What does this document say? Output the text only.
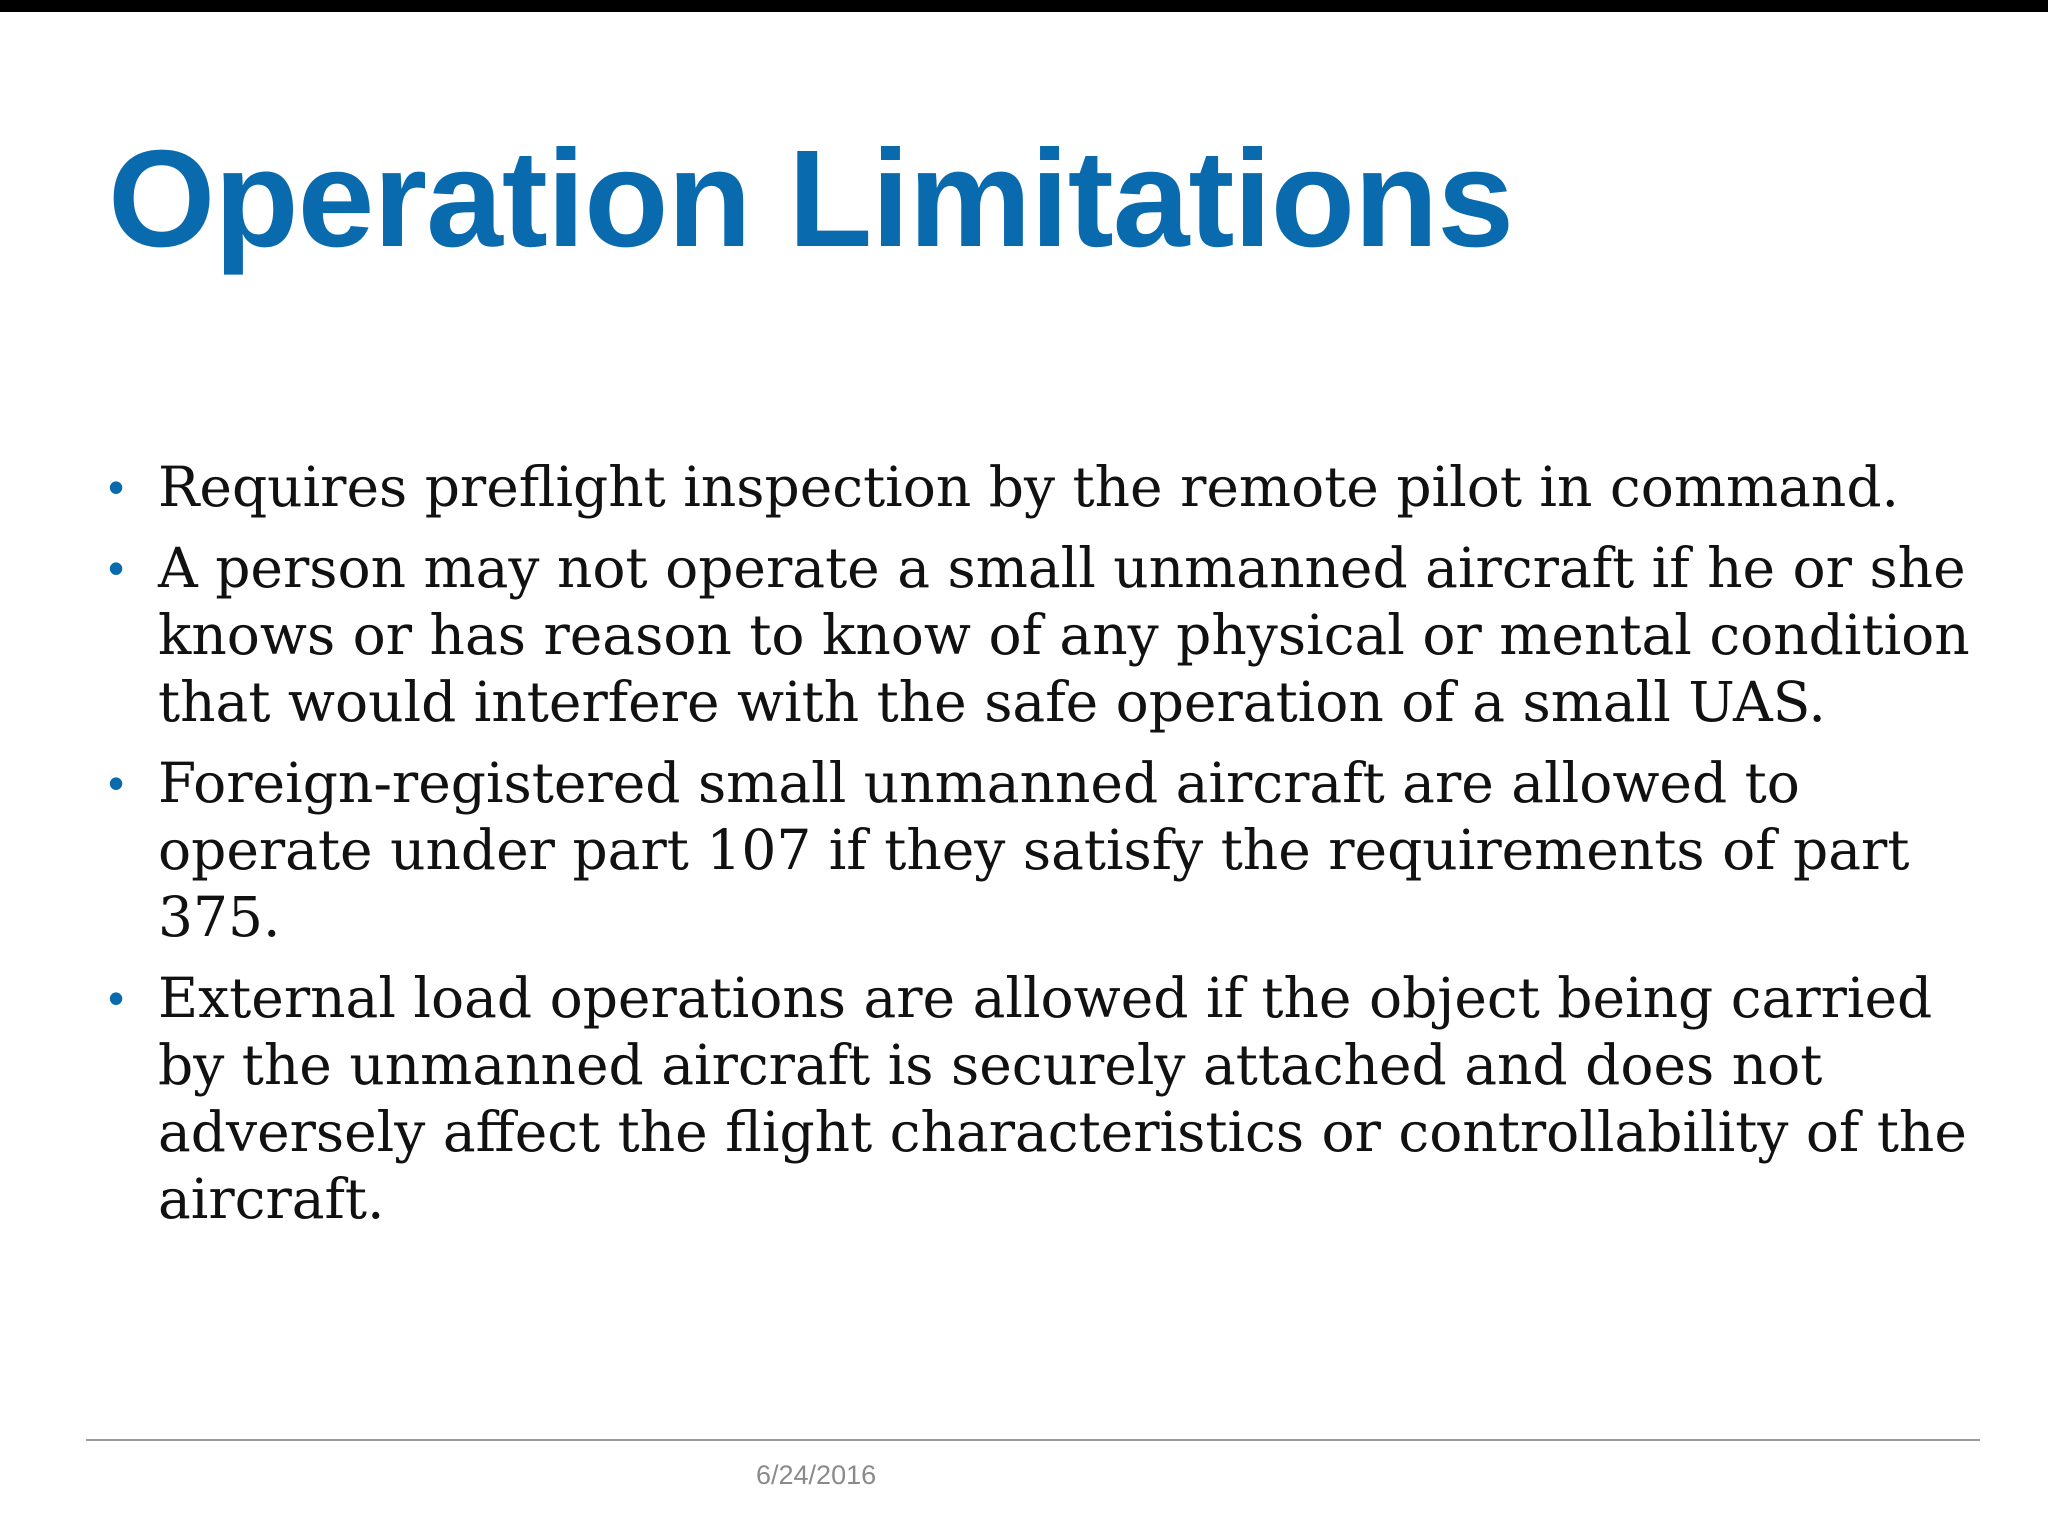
Operation Limitations
• Requires preflight inspection by the remote pilot in command.
• A person may not operate a small unmanned aircraft if he or she knows or has reason to know of any physical or mental condition that would interfere with the safe operation of a small UAS.
• Foreign-registered small unmanned aircraft are allowed to operate under part 107 if they satisfy the requirements of part 375.
• External load operations are allowed if the object being carried by the unmanned aircraft is securely attached and does not adversely affect the flight characteristics or controllability of the aircraft.
6/24/2016
